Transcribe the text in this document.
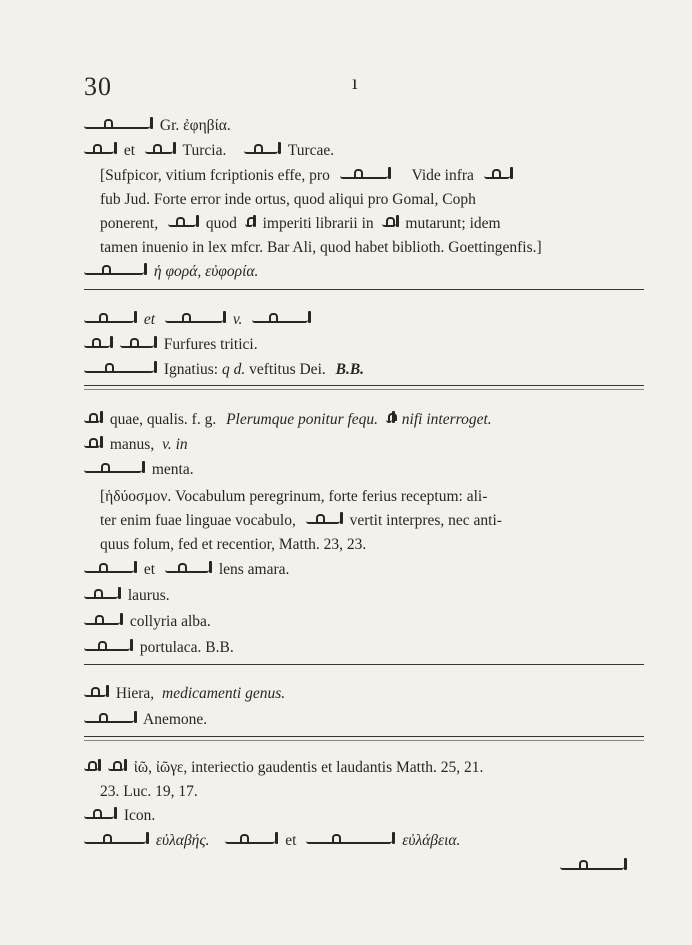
30	ı
Gr. ἐφηβία.
et	Turcia.	Turcae.
[Sufpicor, vitium fcriptionis effe, pro	Vide infra
fub Jud. Forte error inde ortus, quod aliqui pro Gomal, Coph
ponerent,	quod imperiti librarii in mutarunt; idem
tamen inuenio in lex mfcr. Bar Ali, quod habet biblioth. Goettingenfis.]
ἡ φορά, εὐφορία.
et	v.
Furfures tritici.
Ignatius: q d. veftitus Dei. B.B.
quae, qualis. f. g. Plerumque ponitur fequ. nifi interroget.
manus, v. in
menta.
[ἡδύοσμον. Vocabulum peregrinum, forte ferius receptum: ali-
ter enim fuae linguae vocabulo,	vertit interpres, nec anti-
quus folum, fed et recentior, Matth. 23, 23.
et	lens amara.
laurus.
collyria alba.
portulaca. B.B.
Hiera, medicamenti genus.
Anemone.
ἰῶ, ἰῶγε, interiectio gaudentis et laudantis Matth. 25, 21.
23. Luc. 19, 17.
Icon.
εὐλαβής.	et	εὐλάβεια.
